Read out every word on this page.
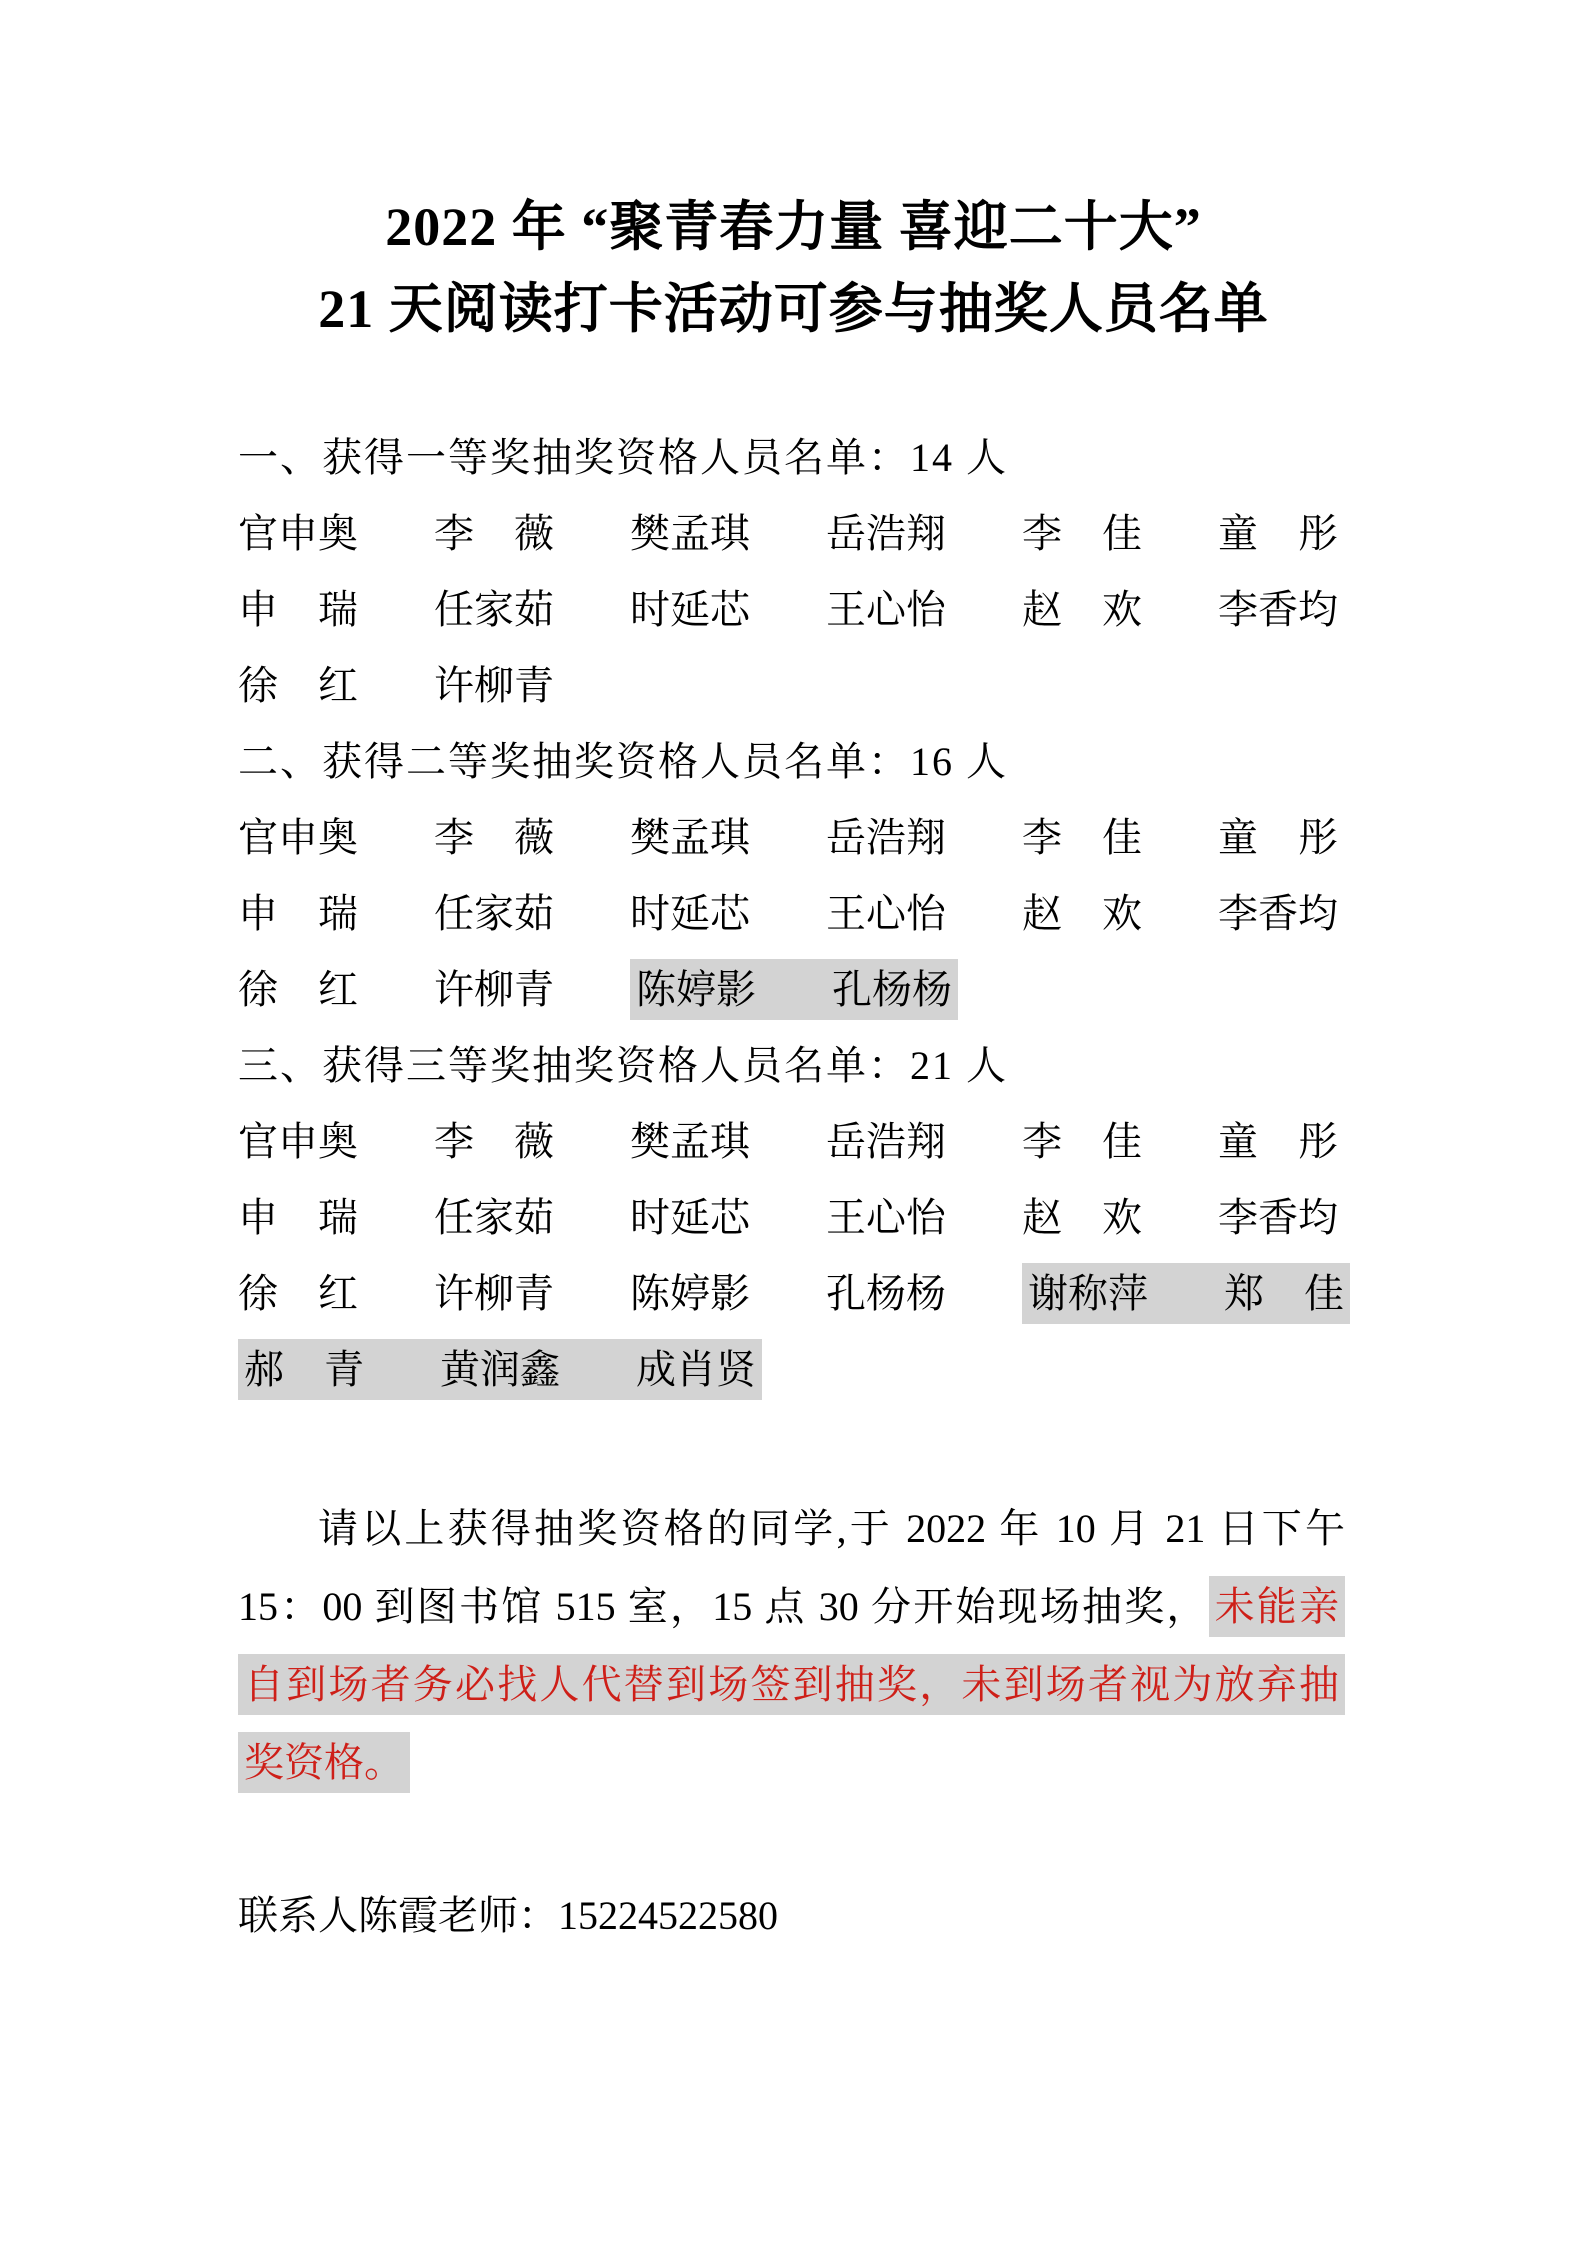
2022 年 “聚青春力量 喜迎二十大”
21 天阅读打卡活动可参与抽奖人员名单
一、获得一等奖抽奖资格人员名单：14 人
官申奥 李　薇 樊孟琪 岳浩翔 李　佳 童　彤
申　瑞 任家茹 时延芯 王心怡 赵　欢 李香均
徐　红 许柳青
二、获得二等奖抽奖资格人员名单：16 人
官申奥 李　薇 樊孟琪 岳浩翔 李　佳 童　彤
申　瑞 任家茹 时延芯 王心怡 赵　欢 李香均
徐　红 许柳青 陈婷影 孔杨杨
三、获得三等奖抽奖资格人员名单：21 人
官申奥 李　薇 樊孟琪 岳浩翔 李　佳 童　彤
申　瑞 任家茹 时延芯 王心怡 赵　欢 李香均
徐　红 许柳青 陈婷影 孔杨杨 谢称萍 郑　佳
郝　青 黄润鑫 成肖贤
请以上获得抽奖资格的同学,于 2022 年 10 月 21 日下午
15：00 到图书馆 515 室，15 点 30 分开始现场抽奖， 未能亲
自到场者务必找人代替到场签到抽奖，未到场者视为放弃抽
奖资格。
联系人陈霞老师：15224522580
